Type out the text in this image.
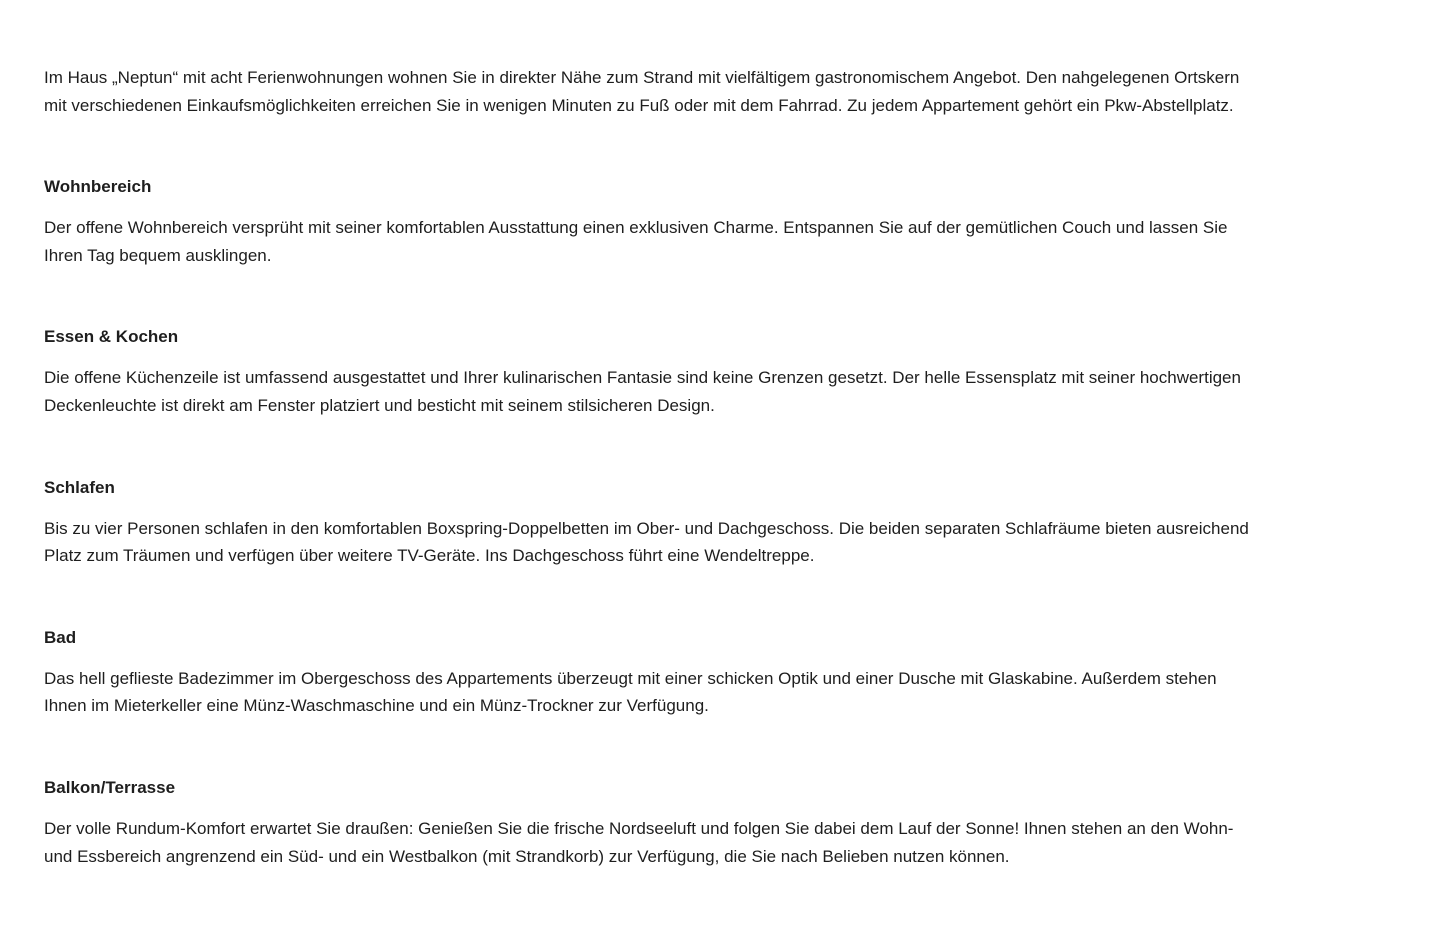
Im Haus „Neptun“ mit acht Ferienwohnungen wohnen Sie in direkter Nähe zum Strand mit vielfältigem gastronomischem Angebot. Den nahgelegenen Ortskern
mit verschiedenen Einkaufsmöglichkeiten erreichen Sie in wenigen Minuten zu Fuß oder mit dem Fahrrad. Zu jedem Appartement gehört ein Pkw-Abstellplatz.
Wohnbereich
Der offene Wohnbereich versprüht mit seiner komfortablen Ausstattung einen exklusiven Charme. Entspannen Sie auf der gemütlichen Couch und lassen Sie
Ihren Tag bequem ausklingen.
Essen & Kochen
Die offene Küchenzeile ist umfassend ausgestattet und Ihrer kulinarischen Fantasie sind keine Grenzen gesetzt. Der helle Essensplatz mit seiner hochwertigen
Deckenleuchte ist direkt am Fenster platziert und besticht mit seinem stilsicheren Design.
Schlafen
Bis zu vier Personen schlafen in den komfortablen Boxspring-Doppelbetten im Ober- und Dachgeschoss. Die beiden separaten Schlafräume bieten ausreichend
Platz zum Träumen und verfügen über weitere TV-Geräte. Ins Dachgeschoss führt eine Wendeltreppe.
Bad
Das hell geflieste Badezimmer im Obergeschoss des Appartements überzeugt mit einer schicken Optik und einer Dusche mit Glaskabine. Außerdem stehen
Ihnen im Mieterkeller eine Münz-Waschmaschine und ein Münz-Trockner zur Verfügung.
Balkon/Terrasse
Der volle Rundum-Komfort erwartet Sie draußen: Genießen Sie die frische Nordseeluft und folgen Sie dabei dem Lauf der Sonne! Ihnen stehen an den Wohn-
und Essbereich angrenzend ein Süd- und ein Westbalkon (mit Strandkorb) zur Verfügung, die Sie nach Belieben nutzen können.
